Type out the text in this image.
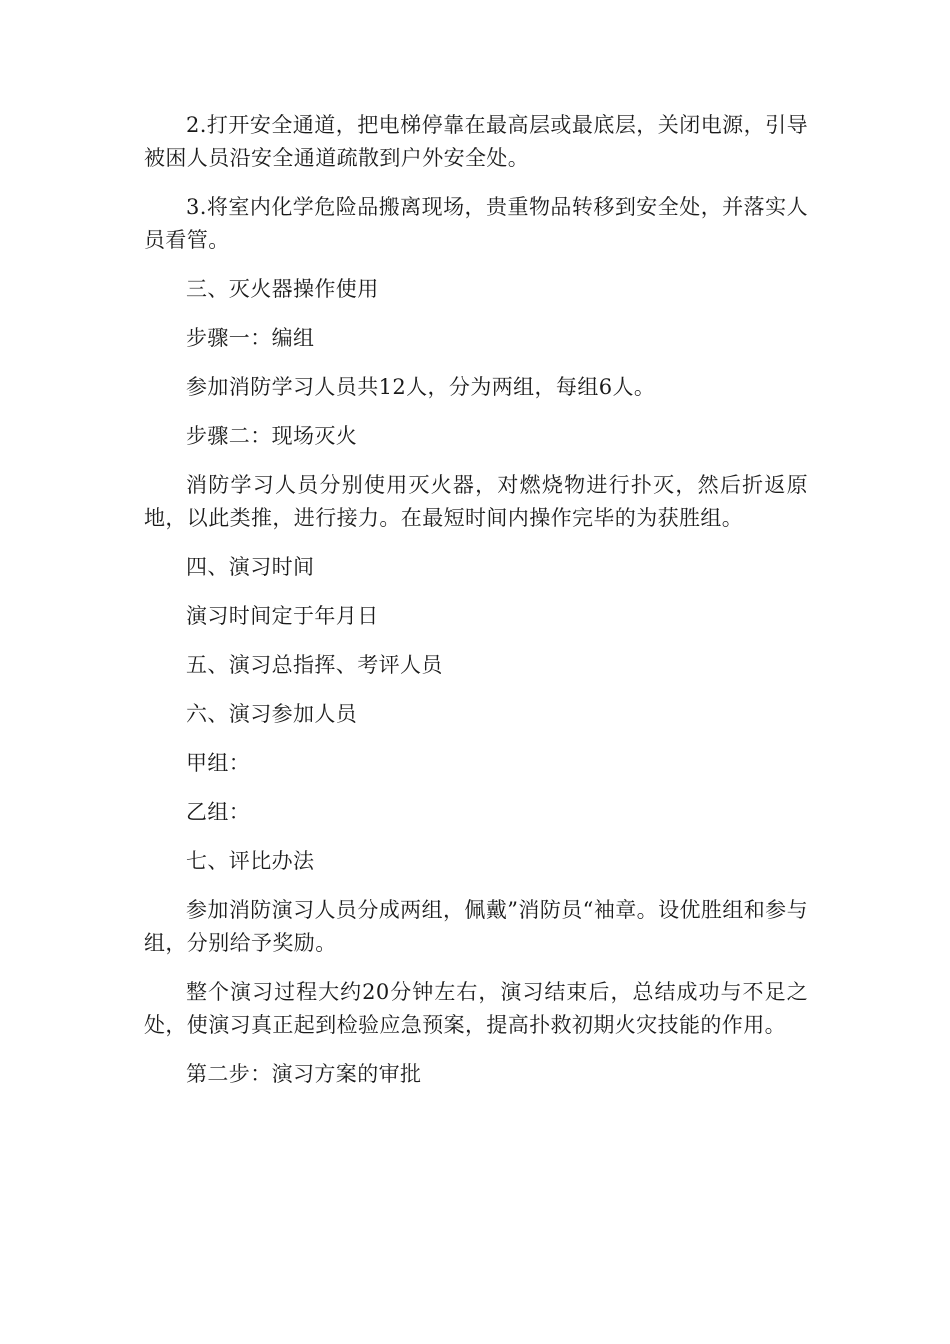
2.打开安全通道，把电梯停靠在最高层或最底层，关闭电源，引导被困人员沿安全通道疏散到户外安全处。

3.将室内化学危险品搬离现场，贵重物品转移到安全处，并落实人员看管。

三、灭火器操作使用

步骤一：编组

参加消防学习人员共12人，分为两组，每组6人。

步骤二：现场灭火

消防学习人员分别使用灭火器，对燃烧物进行扑灭，然后折返原地，以此类推，进行接力。在最短时间内操作完毕的为获胜组。

四、演习时间

演习时间定于年月日

五、演习总指挥、考评人员

六、演习参加人员

甲组：

乙组：

七、评比办法

参加消防演习人员分成两组，佩戴”消防员“袖章。设优胜组和参与组，分别给予奖励。

整个演习过程大约20分钟左右，演习结束后，总结成功与不足之处，使演习真正起到检验应急预案，提高扑救初期火灾技能的作用。

第二步：演习方案的审批
